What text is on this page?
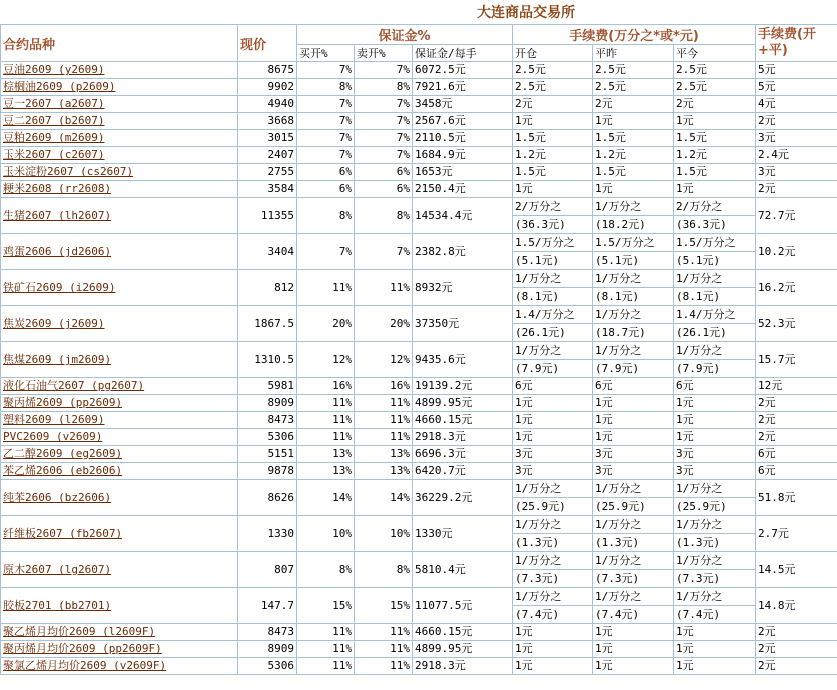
大连商品交易所
合约品种	现价	保证金%			手续费(万分之*或*元)			手续费(开+平)
		买开%	卖开%	保证金/每手	开仓	平昨	平今	
豆油2609 (y2609)	8675	7%	7%	6072.5元	2.5元	2.5元	2.5元	5元
棕榈油2609 (p2609)	9902	8%	8%	7921.6元	2.5元	2.5元	2.5元	5元
豆一2607 (a2607)	4940	7%	7%	3458元	2元	2元	2元	4元
豆二2607 (b2607)	3668	7%	7%	2567.6元	1元	1元	1元	2元
豆粕2609 (m2609)	3015	7%	7%	2110.5元	1.5元	1.5元	1.5元	3元
玉米2607 (c2607)	2407	7%	7%	1684.9元	1.2元	1.2元	1.2元	2.4元
玉米淀粉2607 (cs2607)	2755	6%	6%	1653元	1.5元	1.5元	1.5元	3元
粳米2608 (rr2608)	3584	6%	6%	2150.4元	1元	1元	1元	2元
生猪2607 (lh2607)	11355	8%	8%	14534.4元	2/万分之	1/万分之	2/万分之	72.7元
					(36.3元)	(18.2元)	(36.3元)	
鸡蛋2606 (jd2606)	3404	7%	7%	2382.8元	1.5/万分之	1.5/万分之	1.5/万分之	10.2元
					(5.1元)	(5.1元)	(5.1元)	
铁矿石2609 (i2609)	812	11%	11%	8932元	1/万分之	1/万分之	1/万分之	16.2元
					(8.1元)	(8.1元)	(8.1元)	
焦炭2609 (j2609)	1867.5	20%	20%	37350元	1.4/万分之	1/万分之	1.4/万分之	52.3元
					(26.1元)	(18.7元)	(26.1元)	
焦煤2609 (jm2609)	1310.5	12%	12%	9435.6元	1/万分之	1/万分之	1/万分之	15.7元
					(7.9元)	(7.9元)	(7.9元)	
液化石油气2607 (pg2607)	5981	16%	16%	19139.2元	6元	6元	6元	12元
聚丙烯2609 (pp2609)	8909	11%	11%	4899.95元	1元	1元	1元	2元
塑料2609 (l2609)	8473	11%	11%	4660.15元	1元	1元	1元	2元
PVC2609 (v2609)	5306	11%	11%	2918.3元	1元	1元	1元	2元
乙二醇2609 (eg2609)	5151	13%	13%	6696.3元	3元	3元	3元	6元
苯乙烯2606 (eb2606)	9878	13%	13%	6420.7元	3元	3元	3元	6元
纯苯2606 (bz2606)	8626	14%	14%	36229.2元	1/万分之	1/万分之	1/万分之	51.8元
					(25.9元)	(25.9元)	(25.9元)	
纤维板2607 (fb2607)	1330	10%	10%	1330元	1/万分之	1/万分之	1/万分之	2.7元
					(1.3元)	(1.3元)	(1.3元)	
原木2607 (lg2607)	807	8%	8%	5810.4元	1/万分之	1/万分之	1/万分之	14.5元
					(7.3元)	(7.3元)	(7.3元)	
胶板2701 (bb2701)	147.7	15%	15%	11077.5元	1/万分之	1/万分之	1/万分之	14.8元
					(7.4元)	(7.4元)	(7.4元)	
聚乙烯月均价2609 (l2609F)	8473	11%	11%	4660.15元	1元	1元	1元	2元
聚丙烯月均价2609 (pp2609F)	8909	11%	11%	4899.95元	1元	1元	1元	2元
聚氯乙烯月均价2609 (v2609F)	5306	11%	11%	2918.3元	1元	1元	1元	2元
